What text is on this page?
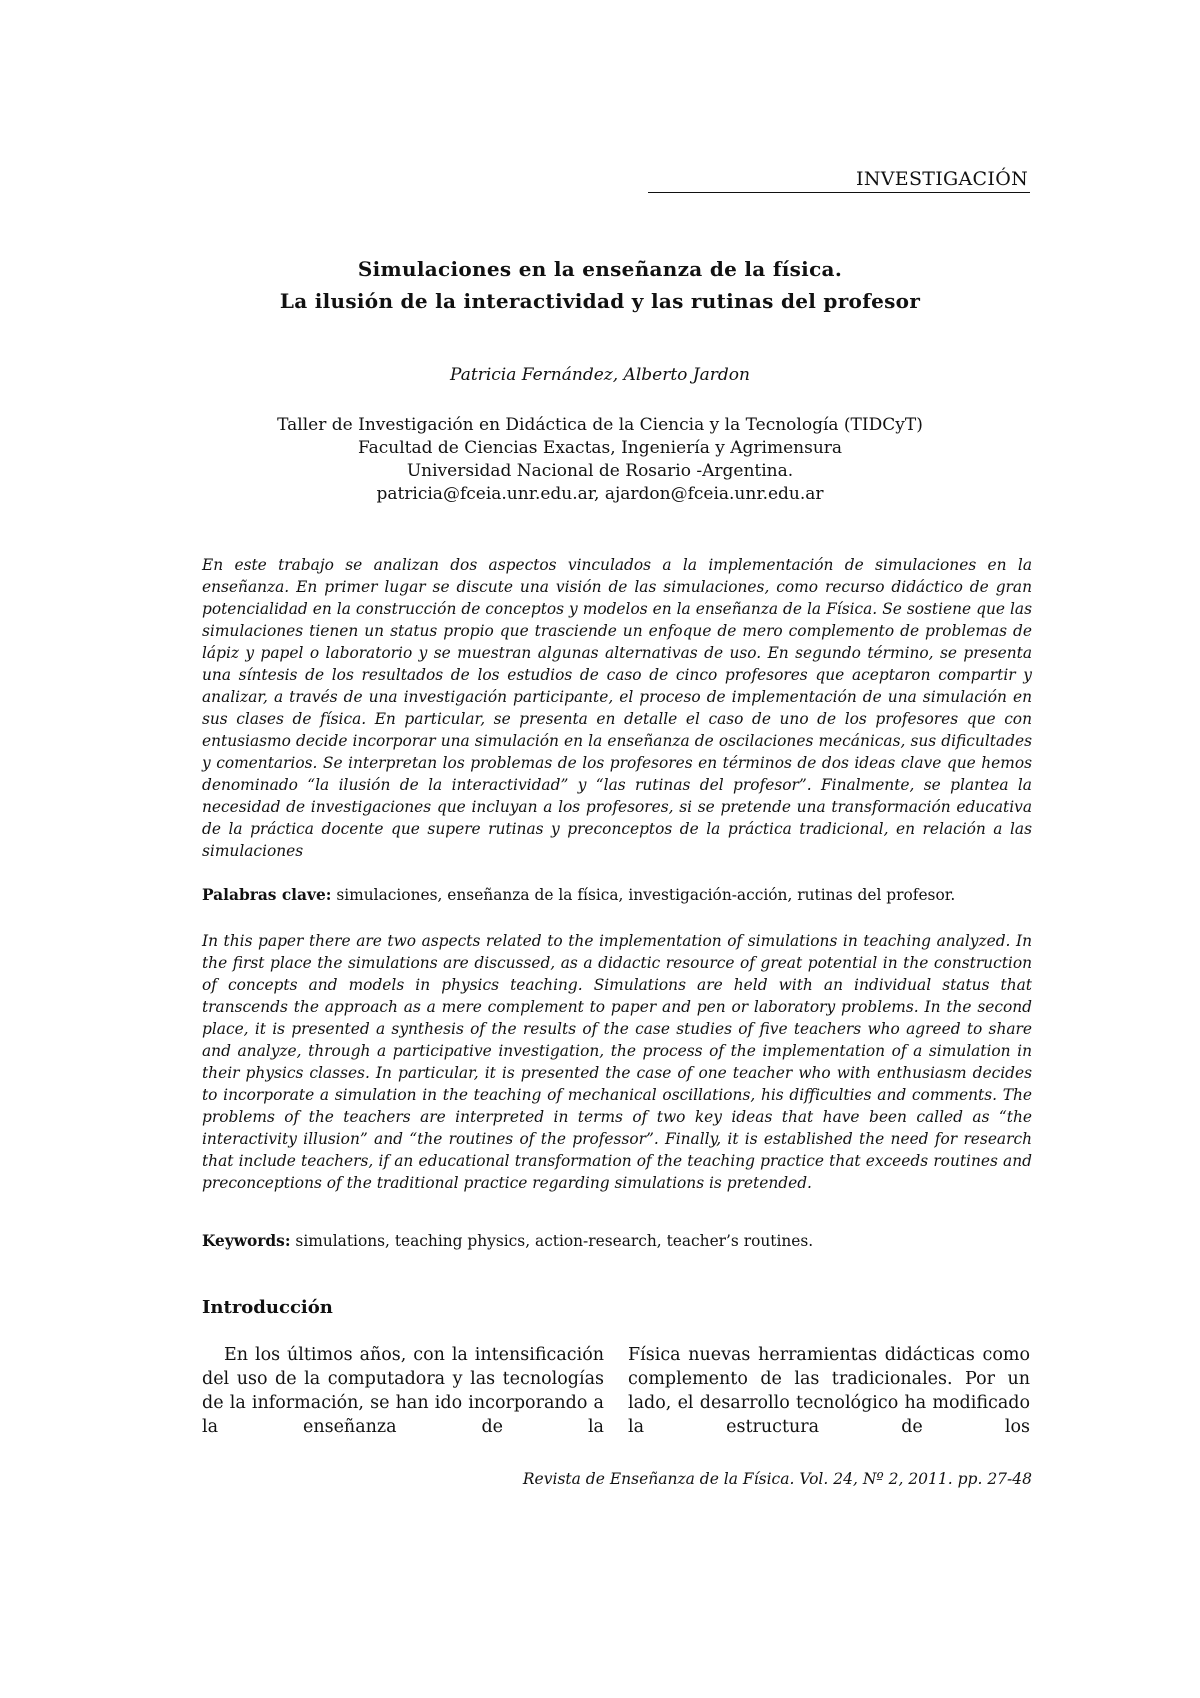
INVESTIGACIÓN
Simulaciones en la enseñanza de la física.
La ilusión de la interactividad y las rutinas del profesor
Patricia Fernández, Alberto Jardon
Taller de Investigación en Didáctica de la Ciencia y la Tecnología (TIDCyT)
Facultad de Ciencias Exactas, Ingeniería y Agrimensura
Universidad Nacional de Rosario -Argentina.
patricia@fceia.unr.edu.ar, ajardon@fceia.unr.edu.ar
En este trabajo se analizan dos aspectos vinculados a la implementación de simulaciones en la enseñanza. En primer lugar se discute una visión de las simulaciones, como recurso didáctico de gran potencialidad en la construcción de conceptos y modelos en la enseñanza de la Física. Se sostiene que las simulaciones tienen un status propio que trasciende un enfoque de mero complemento de problemas de lápiz y papel o laboratorio y se muestran algunas alternativas de uso. En segundo término, se presenta una síntesis de los resultados de los estudios de caso de cinco profesores que aceptaron compartir y analizar, a través de una investigación participante, el proceso de implementación de una simulación en sus clases de física. En particular, se presenta en detalle el caso de uno de los profesores que con entusiasmo decide incorporar una simulación en la enseñanza de oscilaciones mecánicas, sus dificultades y comentarios. Se interpretan los problemas de los profesores en términos de dos ideas clave que hemos denominado “la ilusión de la interactividad” y “las rutinas del profesor”. Finalmente, se plantea la necesidad de investigaciones que incluyan a los profesores, si se pretende una transformación educativa de la práctica docente que supere rutinas y preconceptos de la práctica tradicional, en relación a las simulaciones
Palabras clave: simulaciones, enseñanza de la física, investigación-acción, rutinas del profesor.
In this paper there are two aspects related to the implementation of simulations in teaching analyzed. In the first place the simulations are discussed, as a didactic resource of great potential in the construction of concepts and models in physics teaching. Simulations are held with an individual status that transcends the approach as a mere complement to paper and pen or laboratory problems. In the second place, it is presented a synthesis of the results of the case studies of five teachers who agreed to share and analyze, through a participative investigation, the process of the implementation of a simulation in their physics classes. In particular, it is presented the case of one teacher who with enthusiasm decides to incorporate a simulation in the teaching of mechanical oscillations, his difficulties and comments. The problems of the teachers are interpreted in terms of two key ideas that have been called as “the interactivity illusion” and “the routines of the professor”. Finally, it is established the need for research that include teachers, if an educational transformation of the teaching practice that exceeds routines and preconceptions of the traditional practice regarding simulations is pretended.
Keywords: simulations, teaching physics, action-research, teacher’s routines.
Introducción
En los últimos años, con la intensificación del uso de la computadora y las tecnologías de la información, se han ido incorporando a la enseñanza de la
Física nuevas herramientas didácticas como complemento de las tradicionales. Por un lado, el desarrollo tecnológico ha modificado la estructura de los
Revista de Enseñanza de la Física. Vol. 24, Nº 2, 2011. pp. 27-48
